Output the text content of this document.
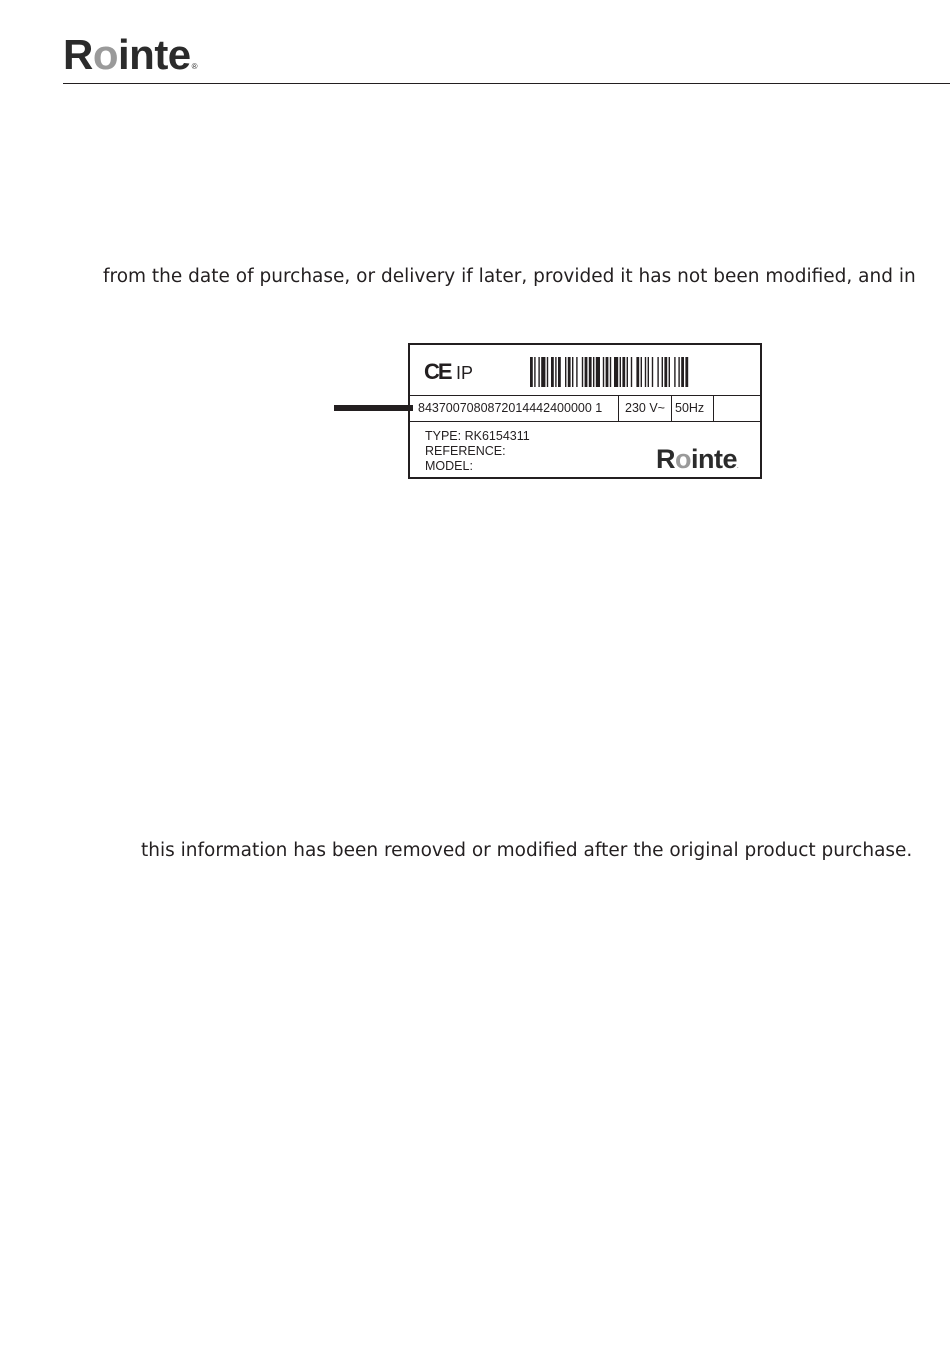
R o inte ®
from the date of purchase, or delivery if later, provided it has not been modified, and in
CE IP
8437007080872014442400000 1	230 V~ 50Hz
TYPE: RK6154311
REFERENCE:
MODEL:	R o inte .
this information has been removed or modified after the original product purchase.
